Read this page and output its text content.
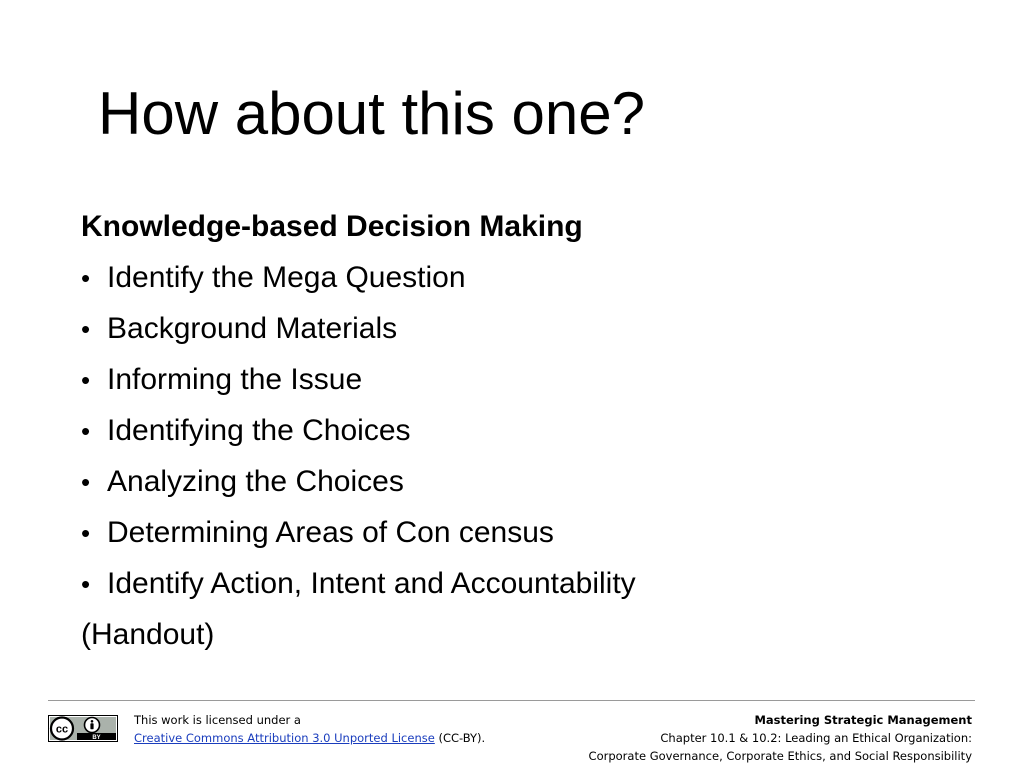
How about this one?
Knowledge-based Decision Making
• Identify the Mega Question
• Background Materials
• Informing the Issue
• Identifying the Choices
• Analyzing the Choices
• Determining Areas of Con census
• Identify Action, Intent and Accountability
(Handout)
cc
BY
This work is licensed under a
Creative Commons Attribution 3.0 Unported License (CC-BY).
Mastering Strategic Management
Chapter 10.1 & 10.2: Leading an Ethical Organization:
Corporate Governance, Corporate Ethics, and Social Responsibility
